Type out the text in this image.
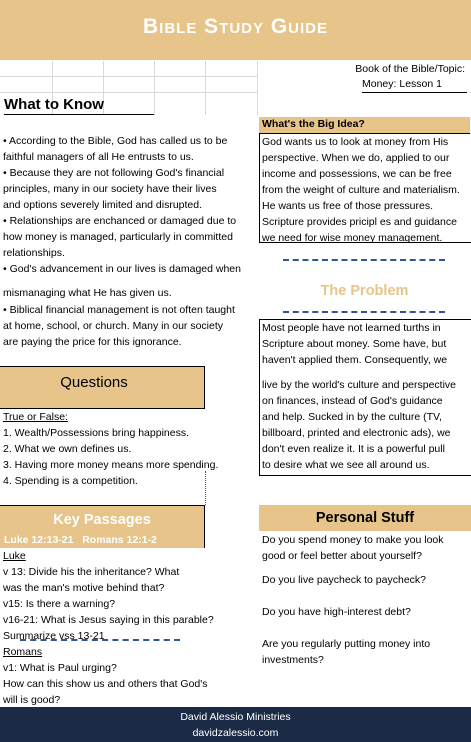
Bible Study Guide
Book of the Bible/Topic:
Money: Lesson 1
What to Know
• According to the Bible, God has called us to be
faithful managers of all He entrusts to us.
• Because they are not following God's financial
principles, many in our society have their lives
and options severely limited and disrupted.
• Relationships are enchanced or damaged due to
how money is managed, particularly in committed
relationships.
• God's advancement in our lives is damaged when
mismanaging what He has given us.
• Biblical financial management is not often taught
at home, school, or church. Many in our society
are paying the price for this ignorance.
What's the Big Idea?
God wants us to look at money from His
perspective. When we do, applied to our
income and possessions, we can be free
from the weight of culture and materialism.
He wants us free of those pressures.
Scripture provides pricipl es and guidance
we need for wise money management.
The Problem
Most people have not learned turths in
Scripture about money. Some have, but
haven't applied them. Consequently, we
live by the world's culture and perspective
on finances, instead of God's guidance
and help. Sucked in by the culture (TV,
billboard, printed and electronic ads), we
don't even realize it. It is a powerful pull
to desire what we see all around us.
Questions
True or False:
1. Wealth/Possessions bring happiness.
2. What we own defines us.
3. Having more money means more spending.
4. Spending is a competition.
Key Passages
Luke 12:13-21   Romans 12:1-2
Luke
v 13: Divide his the inheritance? What
was the man's motive behind that?
v15: Is there a warning?
v16-21: What is Jesus saying in this parable?
Summarize vss 13-21
Romans
v1: What is Paul urging?
How can this show us and others that God's
will is good?
Personal Stuff
Do you spend money to make you look
good or feel better about yourself?
Do you live paycheck to paycheck?
Do you have high-interest debt?
Are you regularly putting money into
investments?
David Alessio Ministries
davidzalessio.com
